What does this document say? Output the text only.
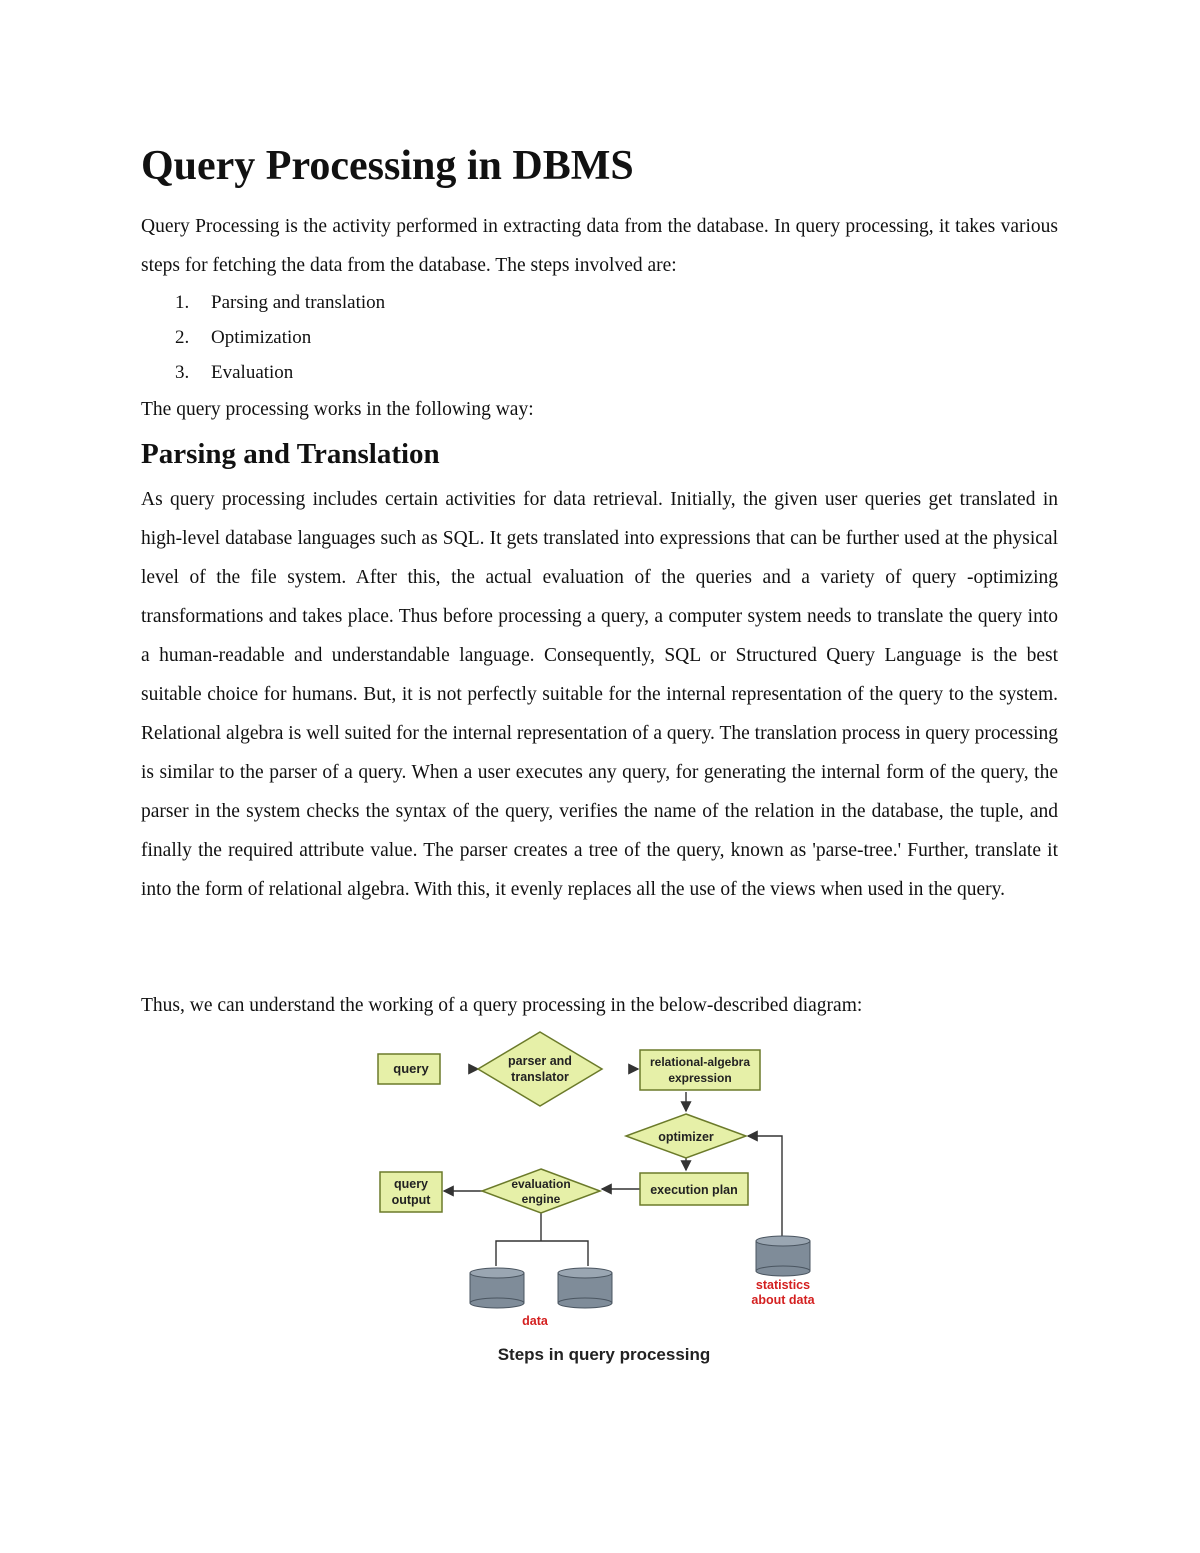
Query Processing in DBMS

Query Processing is the activity performed in extracting data from the database. In query processing, it takes various steps for fetching the data from the database. The steps involved are:

1. Parsing and translation
2. Optimization
3. Evaluation

The query processing works in the following way:

Parsing and Translation

As query processing includes certain activities for data retrieval. Initially, the given user queries get translated in high-level database languages such as SQL. It gets translated into expressions that can be further used at the physical level of the file system. After this, the actual evaluation of the queries and a variety of query -optimizing transformations and takes place. Thus before processing a query, a computer system needs to translate the query into a human-readable and understandable language. Consequently, SQL or Structured Query Language is the best suitable choice for humans. But, it is not perfectly suitable for the internal representation of the query to the system. Relational algebra is well suited for the internal representation of a query. The translation process in query processing is similar to the parser of a query. When a user executes any query, for generating the internal form of the query, the parser in the system checks the syntax of the query, verifies the name of the relation in the database, the tuple, and finally the required attribute value. The parser creates a tree of the query, known as 'parse-tree.' Further, translate it into the form of relational algebra. With this, it evenly replaces all the use of the views when used in the query.

Thus, we can understand the working of a query processing in the below-described diagram:

query	parser and
translator
relational-algebra
expression
optimizer
execution plan
evaluation
engine
query
output
data
statistics
about data
Steps in query processing
